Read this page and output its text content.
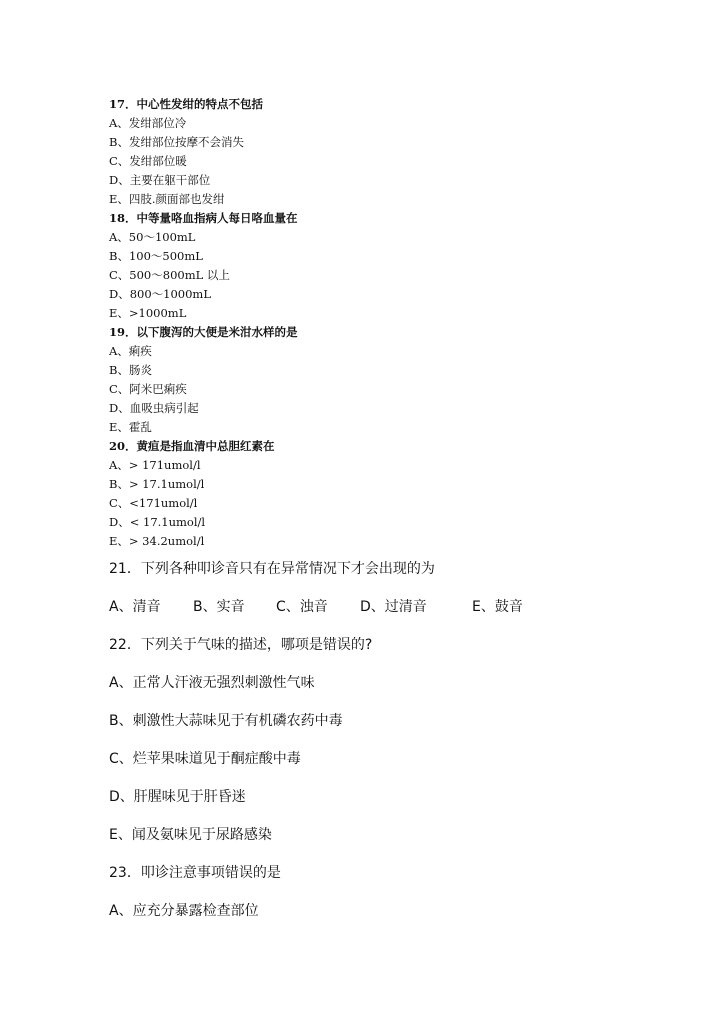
17．中心性发绀的特点不包括
A、发绀部位冷
B、发绀部位按摩不会消失
C、发绀部位暖
D、主要在躯干部位
E、四肢.颜面部也发绀
18．中等量咯血指病人每日咯血量在
A、50～100mL
B、100～500mL
C、500～800mL 以上
D、800～1000mL
E、>1000mL
19．以下腹泻的大便是米泔水样的是
A、痢疾
B、肠炎
C、阿米巴痢疾
D、血吸虫病引起
E、霍乱
20．黄疸是指血清中总胆红素在
A、> 171umol/l
B、> 17.1umol/l
C、<171umol/l
D、< 17.1umol/l
E、> 34.2umol/l
21．下列各种叩诊音只有在异常情况下才会出现的为
A、清音	B、实音	C、浊音	D、过清音	E、鼓音
22．下列关于气味的描述，哪项是错误的?
A、正常人汗液无强烈刺激性气味
B、刺激性大蒜味见于有机磷农药中毒
C、烂苹果味道见于酮症酸中毒
D、肝腥味见于肝昏迷
E、闻及氨味见于尿路感染
23．叩诊注意事项错误的是
A、应充分暴露检查部位
